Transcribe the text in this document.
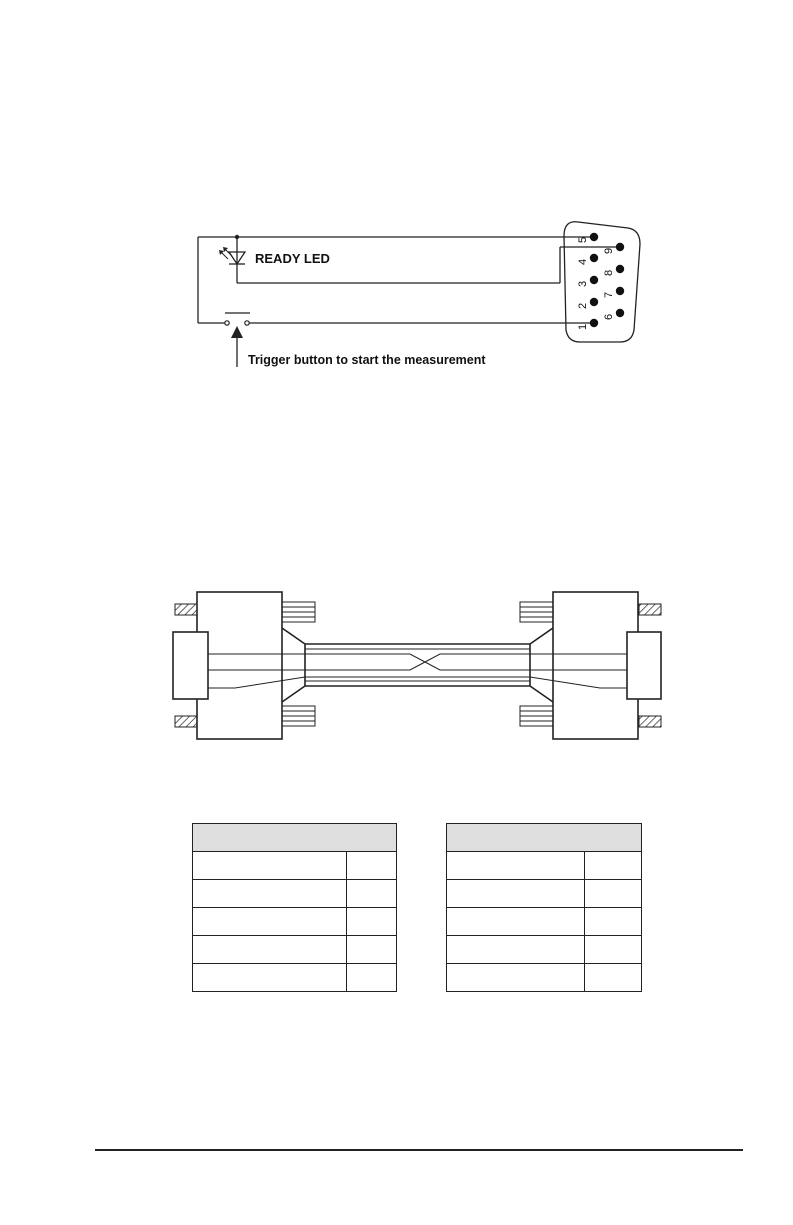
5
4
3
2
1
9
8
7
6
READY LED
Trigger button to start the measurement
